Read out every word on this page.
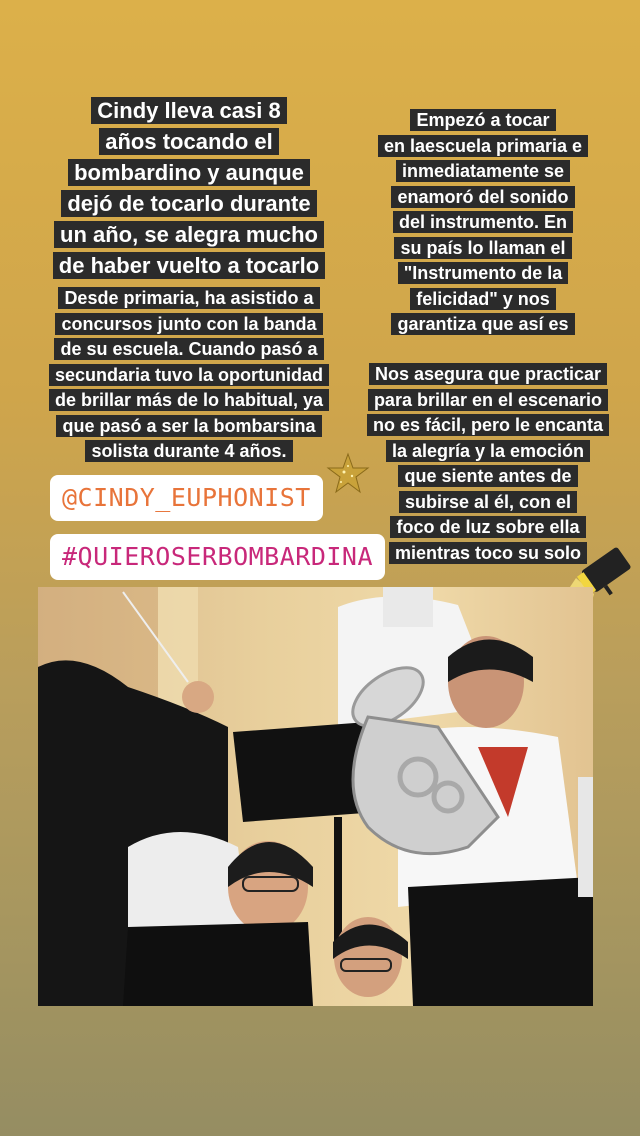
Cindy lleva casi 8
años tocando el
bombardino y aunque
dejó de tocarlo durante
un año, se alegra mucho
de haber vuelto a tocarlo
Desde primaria, ha asistido a
concursos junto con la banda
de su escuela. Cuando pasó a
secundaria tuvo la oportunidad
de brillar más de lo habitual, ya
que pasó a ser la bombarsina
solista durante 4 años.
Empezó a tocar
en laescuela primaria e
inmediatamente se
enamoró del sonido
del instrumento. En
su país lo llaman el
"Instrumento de la
felicidad" y nos
garantiza que así es
Nos asegura que practicar
para brillar en el escenario
no es fácil, pero le encanta
la alegría y la emoción
que siente antes de
subirse al él, con el
foco de luz sobre ella
mientras toco su solo
@CINDY_EUPHONIST
#QUIEROSERBOMBARDINA
